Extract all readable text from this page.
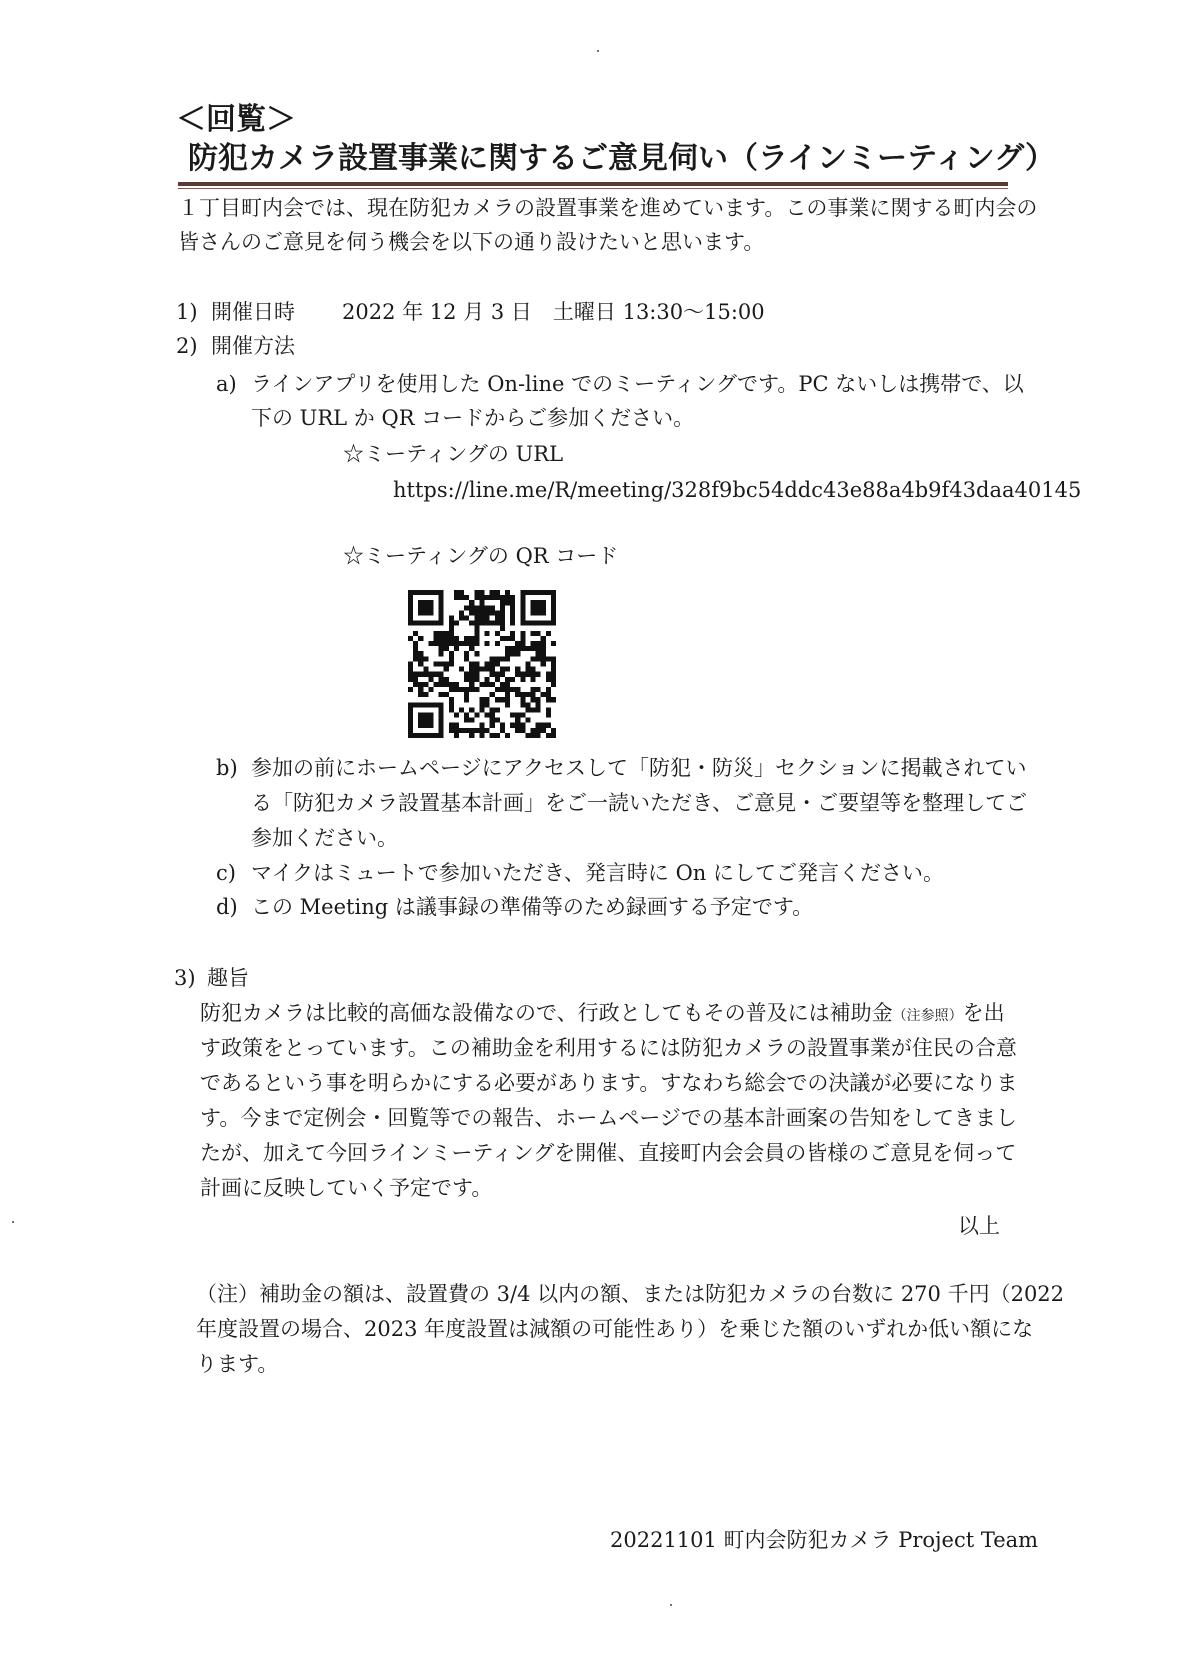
＜回覧＞
防犯カメラ設置事業に関するご意見伺い（ラインミーティング）
１丁目町内会では、現在防犯カメラの設置事業を進めています。この事業に関する町内会の
皆さんのご意見を伺う機会を以下の通り設けたいと思います。
1) 開催日時 2022 年 12 月 3 日　土曜日 13:30～15:00
2) 開催方法
a) ラインアプリを使用した On-line でのミーティングです。PC ないしは携帯で、以
下の URL か QR コードからご参加ください。
☆ミーティングの URL
https://line.me/R/meeting/328f9bc54ddc43e88a4b9f43daa40145
☆ミーティングの QR コード
b) 参加の前にホームページにアクセスして「防犯・防災」セクションに掲載されてい
る「防犯カメラ設置基本計画」をご一読いただき、ご意見・ご要望等を整理してご
参加ください。
c) マイクはミュートで参加いただき、発言時に On にしてご発言ください。
d) この Meeting は議事録の準備等のため録画する予定です。
3) 趣旨
防犯カメラは比較的高価な設備なので、行政としてもその普及には補助金（注参照）を出
す政策をとっています。この補助金を利用するには防犯カメラの設置事業が住民の合意
であるという事を明らかにする必要があります。すなわち総会での決議が必要になりま
す。今まで定例会・回覧等での報告、ホームページでの基本計画案の告知をしてきまし
たが、加えて今回ラインミーティングを開催、直接町内会会員の皆様のご意見を伺って
計画に反映していく予定です。
以上
（注）補助金の額は、設置費の 3/4 以内の額、または防犯カメラの台数に 270 千円（2022
年度設置の場合、2023 年度設置は減額の可能性あり）を乗じた額のいずれか低い額にな
ります。
20221101 町内会防犯カメラ Project Team
